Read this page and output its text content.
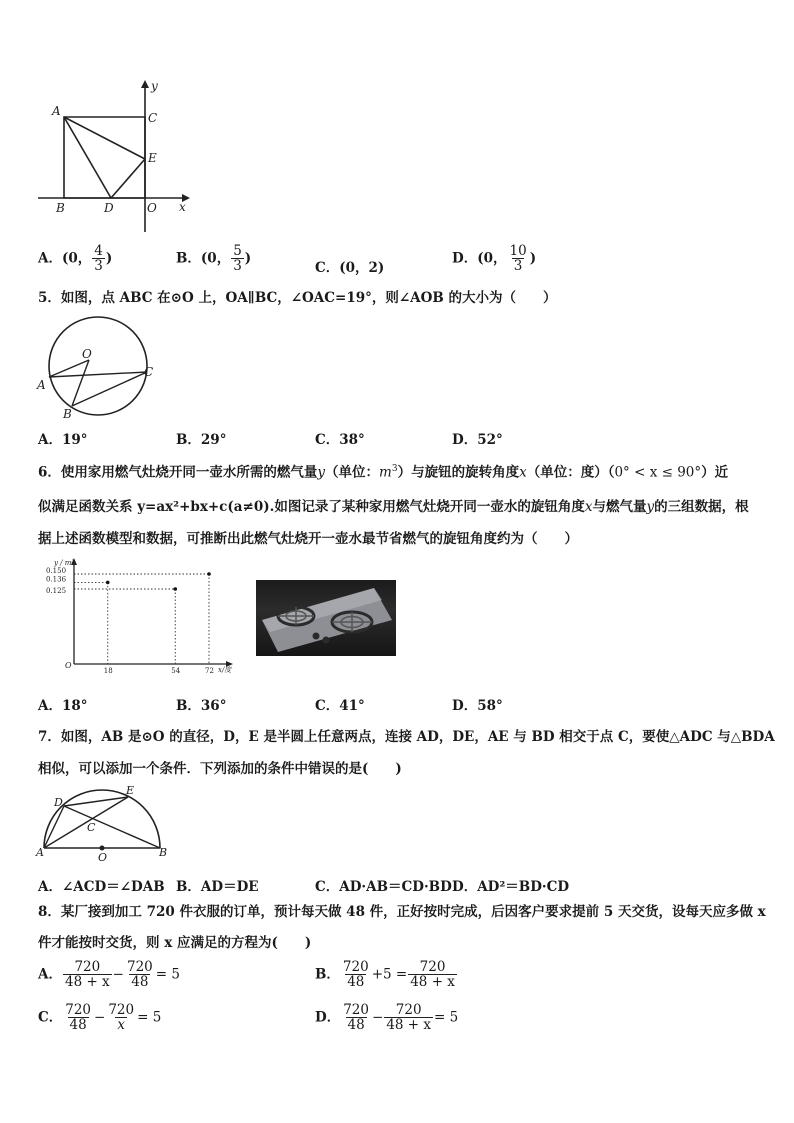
A	C
E
B	D	O x
y
A．(0， $\frac{4}{3}$ )	B．(0， $\frac{5}{3}$ )
C．(0，2)
D．(0， $\frac{10}{3}$ )
5．如图，点 ABC 在⊙O 上，OA∥BC，∠OAC=19°，则∠AOB 的大小为（　　）
O
A
B
C
A．19°	B．29°	C．38°	D．52°
6．使用家用燃气灶烧开同一壶水所需的燃气量y（单位：$m^3$）与旋钮的旋转角度x（单位：度）（0° < x ≤ 90°）近
似满足函数关系 y=ax²+bx+c(a≠0).如图记录了某种家用燃气灶烧开同一壶水的旋钮角度x与燃气量y的三组数据，根
据上述函数模型和数据，可推断出此燃气灶烧开一壶水最节省燃气的旋钮角度约为（　　）
18	54	72
0.150
0.136
0.125
y / m³
x/度
O
A．18°	B．36°	C．41°	D．58°
7．如图，AB 是⊙O 的直径，D，E 是半圆上任意两点，连接 AD，DE，AE 与 BD 相交于点 C，要使△ADC 与△BDA
相似，可以添加一个条件．下列添加的条件中错误的是(　　)
D
E
C
A	B
O
A．∠ACD＝∠DAB B．AD＝DE	C．AD·AB＝CD·BD D．AD²＝BD·CD
8．某厂接到加工 720 件衣服的订单，预计每天做 48 件，正好按时完成，后因客户要求提前 5 天交货，设每天应多做 x
件才能按时交货，则 x 应满足的方程为(　　)
A． $\frac{720}{48 + x} - \frac{720}{48} = 5$	B． $\frac{720}{48} +5 = \frac{720}{48 + x}$
C． $\frac{720}{48} - \frac{720}{x} = 5$	D． $\frac{720}{48} - \frac{720}{48 + x} = 5$
